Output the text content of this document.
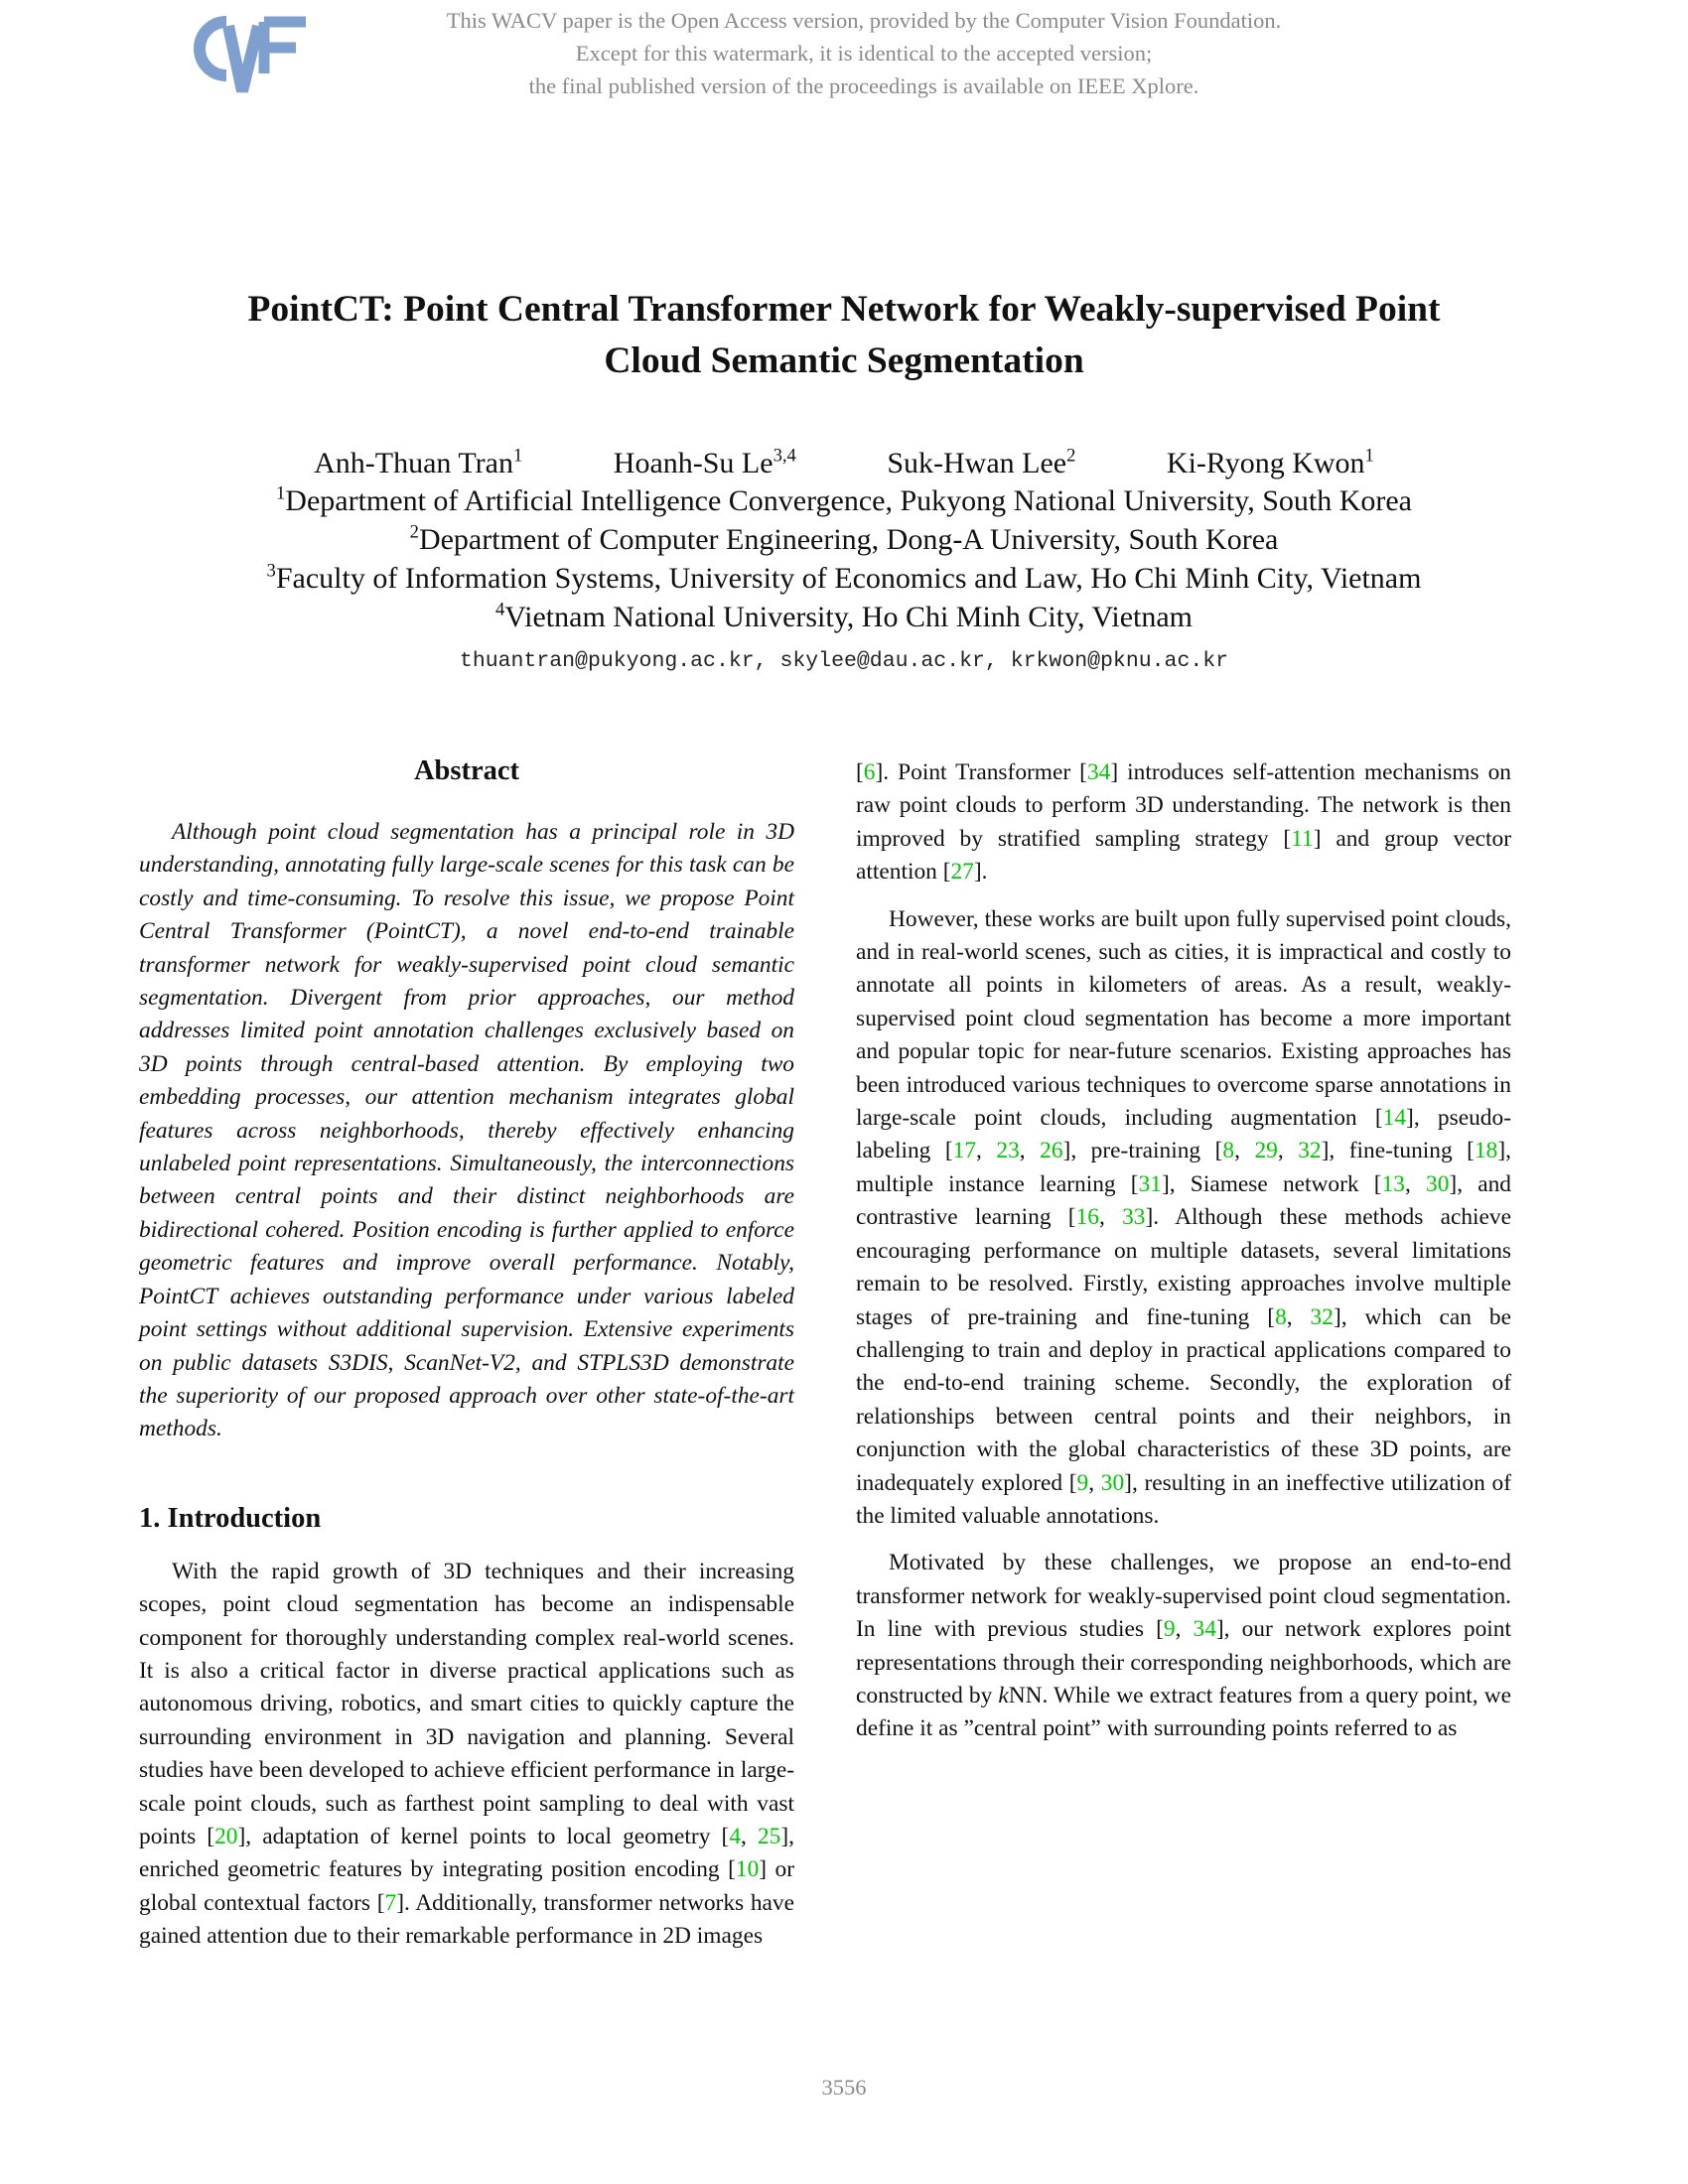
CVF
This WACV paper is the Open Access version, provided by the Computer Vision Foundation.
Except for this watermark, it is identical to the accepted version;
the final published version of the proceedings is available on IEEE Xplore.
PointCT: Point Central Transformer Network for Weakly-supervised Point
Cloud Semantic Segmentation
Anh-Thuan Tran$^1$	Hoanh-Su Le$^{3,4}$	Suk-Hwan Lee$^2$	Ki-Ryong Kwon$^1$
$^1$Department of Artificial Intelligence Convergence, Pukyong National University, South Korea
$^2$Department of Computer Engineering, Dong-A University, South Korea
$^3$Faculty of Information Systems, University of Economics and Law, Ho Chi Minh City, Vietnam
$^4$Vietnam National University, Ho Chi Minh City, Vietnam
thuantran@pukyong.ac.kr, skylee@dau.ac.kr, krkwon@pknu.ac.kr
Abstract

Although point cloud segmentation has a principal role in 3D understanding, annotating fully large-scale scenes for this task can be costly and time-consuming. To resolve this issue, we propose Point Central Transformer (PointCT), a novel end-to-end trainable transformer network for weakly-supervised point cloud semantic segmentation. Divergent from prior approaches, our method addresses limited point annotation challenges exclusively based on 3D points through central-based attention. By employing two embedding processes, our attention mechanism integrates global features across neighborhoods, thereby effectively enhancing unlabeled point representations. Simultaneously, the interconnections between central points and their distinct neighborhoods are bidirectional cohered. Position encoding is further applied to enforce geometric features and improve overall performance. Notably, PointCT achieves outstanding performance under various labeled point settings without additional supervision. Extensive experiments on public datasets S3DIS, ScanNet-V2, and STPLS3D demonstrate the superiority of our proposed approach over other state-of-the-art methods.

1. Introduction

With the rapid growth of 3D techniques and their increasing scopes, point cloud segmentation has become an indispensable component for thoroughly understanding complex real-world scenes. It is also a critical factor in diverse practical applications such as autonomous driving, robotics, and smart cities to quickly capture the surrounding environment in 3D navigation and planning. Several studies have been developed to achieve efficient performance in large-scale point clouds, such as farthest point sampling to deal with vast points [20], adaptation of kernel points to local geometry [4, 25], enriched geometric features by integrating position encoding [10] or global contextual factors [7]. Additionally, transformer networks have gained attention due to their remarkable performance in 2D images

[6]. Point Transformer [34] introduces self-attention mechanisms on raw point clouds to perform 3D understanding. The network is then improved by stratified sampling strategy [11] and group vector attention [27].

However, these works are built upon fully supervised point clouds, and in real-world scenes, such as cities, it is impractical and costly to annotate all points in kilometers of areas. As a result, weakly-supervised point cloud segmentation has become a more important and popular topic for near-future scenarios. Existing approaches has been introduced various techniques to overcome sparse annotations in large-scale point clouds, including augmentation [14], pseudo-labeling [17, 23, 26], pre-training [8, 29, 32], fine-tuning [18], multiple instance learning [31], Siamese network [13, 30], and contrastive learning [16, 33]. Although these methods achieve encouraging performance on multiple datasets, several limitations remain to be resolved. Firstly, existing approaches involve multiple stages of pre-training and fine-tuning [8, 32], which can be challenging to train and deploy in practical applications compared to the end-to-end training scheme. Secondly, the exploration of relationships between central points and their neighbors, in conjunction with the global characteristics of these 3D points, are inadequately explored [9, 30], resulting in an ineffective utilization of the limited valuable annotations.

Motivated by these challenges, we propose an end-to-end transformer network for weakly-supervised point cloud segmentation. In line with previous studies [9, 34], our network explores point representations through their corresponding neighborhoods, which are constructed by kNN. While we extract features from a query point, we define it as ”central point” with surrounding points referred to as

3556
